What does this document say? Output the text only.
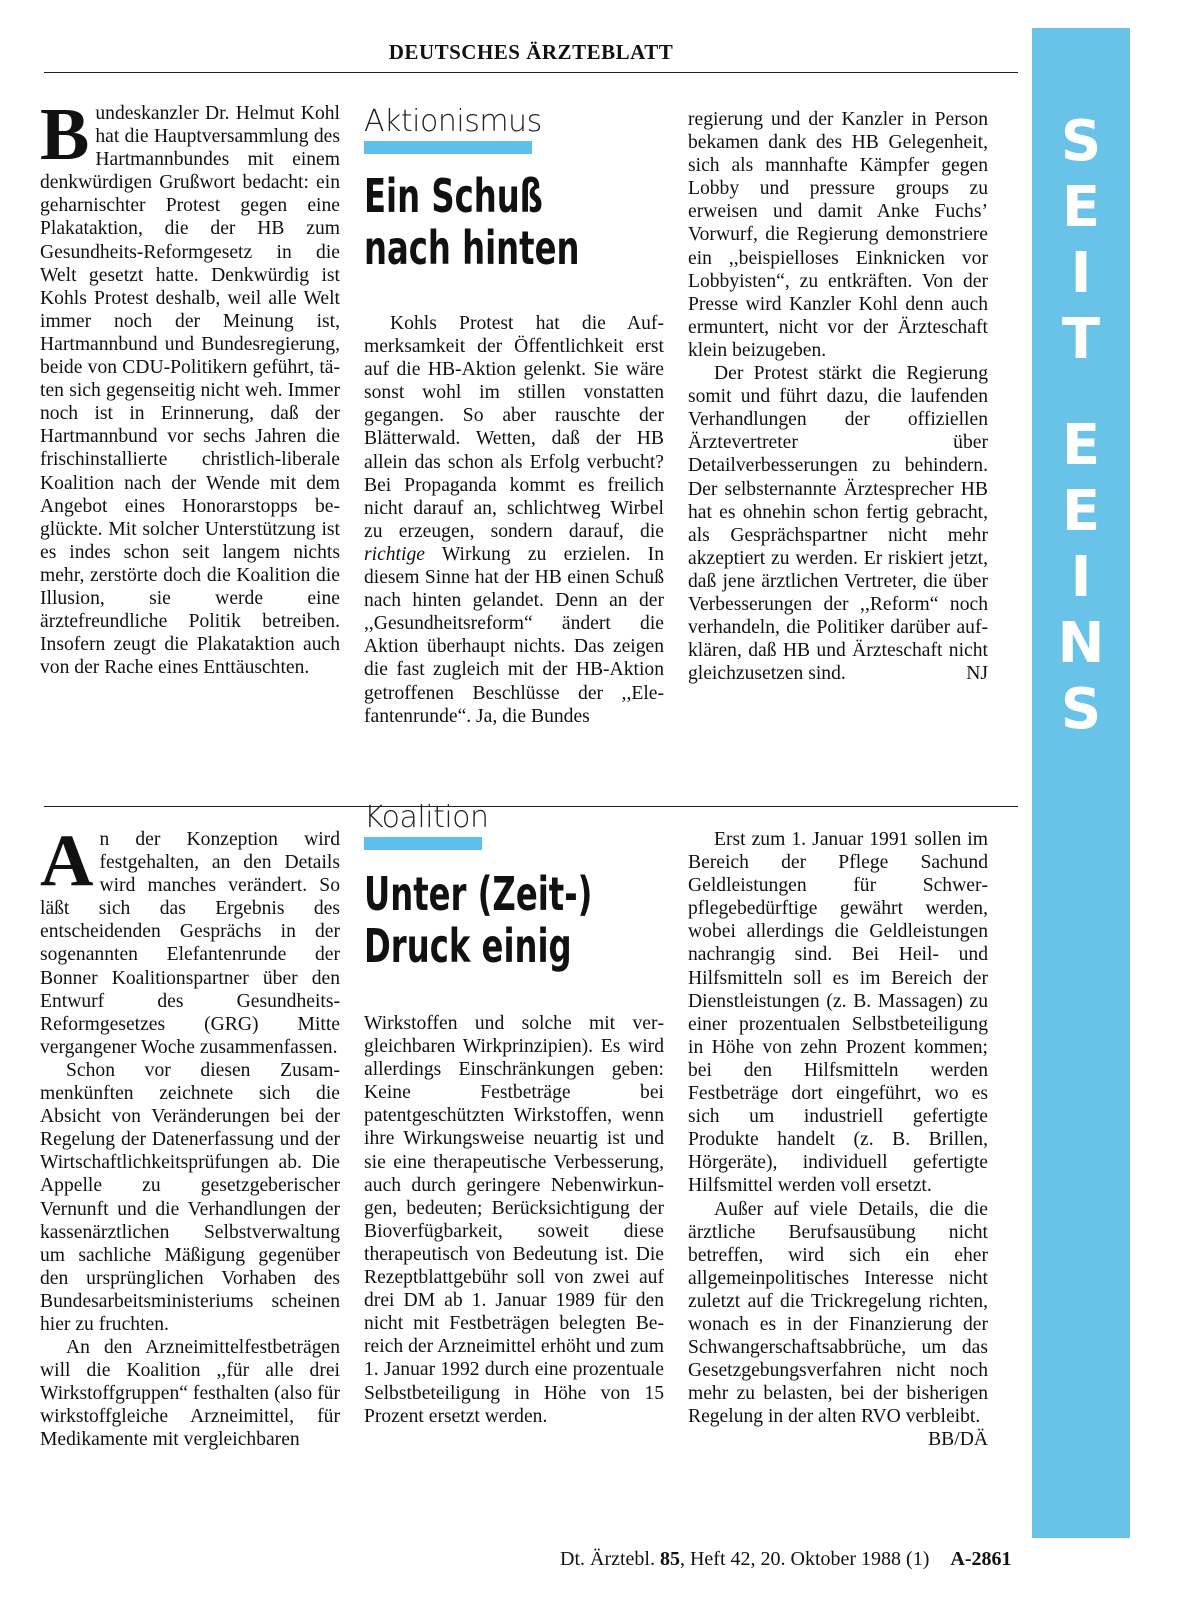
DEUTSCHES ÄRZTEBLATT
S
E
I
T
E
E
I
N
S

Bundeskanzler Dr. Helmut Kohl hat die Hauptversammlung des Hartmannbundes mit einem denkwürdigen Grußwort bedacht: ein geharnischter Protest gegen eine Plakataktion, die der HB zum Gesundheits-Reformgesetz in die Welt gesetzt hatte. Denkwürdig ist Kohls Protest deshalb, weil alle Welt immer noch der Meinung ist, Hartmannbund und Bundesregierung, beide von CDU-Politikern geführt, täten sich gegenseitig nicht weh. Immer noch ist in Erinnerung, daß der Hartmannbund vor sechs Jahren die frischinstallierte christlich-liberale Koalition nach der Wende mit dem Angebot eines Honorarstopps beglückte. Mit solcher Unterstützung ist es indes schon seit langem nichts mehr, zerstörte doch die Koalition die Illusion, sie werde eine ärztefreundliche Politik betreiben. Insofern zeugt die Plakataktion auch von der Rache eines Enttäuschten.

Aktionismus
Ein Schuß
nach hinten

Kohls Protest hat die Aufmerksamkeit der Öffentlichkeit erst auf die HB-Aktion gelenkt. Sie wäre sonst wohl im stillen vonstatten gegangen. So aber rauschte der Blätterwald. Wetten, daß der HB allein das schon als Erfolg verbucht? Bei Propaganda kommt es freilich nicht darauf an, schlichtweg Wirbel zu erzeugen, sondern darauf, die richtige Wirkung zu erzielen. In diesem Sinne hat der HB einen Schuß nach hinten gelandet. Denn an der ,,Gesundheitsreform“ ändert die Aktion überhaupt nichts. Das zeigen die fast zugleich mit der HB-Aktion getroffenen Beschlüsse der ,,Elefantenrunde“. Ja, die Bundes

regierung und der Kanzler in Person bekamen dank des HB Gelegenheit, sich als mannhafte Kämpfer gegen Lobby und pressure groups zu erweisen und damit Anke Fuchs’ Vorwurf, die Regierung demonstriere ein ,,beispielloses Einknicken vor Lobbyisten“, zu entkräften. Von der Presse wird Kanzler Kohl denn auch ermuntert, nicht vor der Ärzteschaft klein beizugeben.

Der Protest stärkt die Regierung somit und führt dazu, die laufenden Verhandlungen der offiziellen Ärztevertreter über Detailverbesserungen zu behindern. Der selbsternannte Ärztesprecher HB hat es ohnehin schon fertig gebracht, als Gesprächspartner nicht mehr akzeptiert zu werden. Er riskiert jetzt, daß jene ärztlichen Vertreter, die über Verbesserungen der ,,Reform“ noch verhandeln, die Politiker darüber aufklären, daß HB und Ärzteschaft nicht gleichzusetzen sind.	NJ

An der Konzeption wird festgehalten, an den Details wird manches verändert. So läßt sich das Ergebnis des entscheidenden Gesprächs in der sogenannten Elefantenrunde der Bonner Koalitionspartner über den Entwurf des Gesundheits-Reformgesetzes (GRG) Mitte vergangener Woche zusammenfassen.

Schon vor diesen Zusammenkünften zeichnete sich die Absicht von Veränderungen bei der Regelung der Datenerfassung und der Wirtschaftlichkeitsprüfungen ab. Die Appelle zu gesetzgeberischer Vernunft und die Verhandlungen der kassenärztlichen Selbstverwaltung um sachliche Mäßigung gegenüber den ursprünglichen Vorhaben des Bundesarbeitsministeriums scheinen hier zu fruchten.

An den Arzneimittelfestbeträgen will die Koalition ,,für alle drei Wirkstoffgruppen“ festhalten (also für wirkstoffgleiche Arzneimittel, für Medikamente mit vergleichbaren

Koalition
Unter (Zeit-)
Druck einig

Wirkstoffen und solche mit vergleichbaren Wirkprinzipien). Es wird allerdings Einschränkungen geben: Keine Festbeträge bei patentgeschützten Wirkstoffen, wenn ihre Wirkungsweise neuartig ist und sie eine therapeutische Verbesserung, auch durch geringere Nebenwirkungen, bedeuten; Berücksichtigung der Bioverfügbarkeit, soweit diese therapeutisch von Bedeutung ist. Die Rezeptblattgebühr soll von zwei auf drei DM ab 1. Januar 1989 für den nicht mit Festbeträgen belegten Bereich der Arzneimittel erhöht und zum 1. Januar 1992 durch eine prozentuale Selbstbeteiligung in Höhe von 15 Prozent ersetzt werden.

Erst zum 1. Januar 1991 sollen im Bereich der Pflege Sachund Geldleistungen für Schwerpflegebedürftige gewährt werden, wobei allerdings die Geldleistungen nachrangig sind. Bei Heil- und Hilfsmitteln soll es im Bereich der Dienstleistungen (z. B. Massagen) zu einer prozentualen Selbstbeteiligung in Höhe von zehn Prozent kommen; bei den Hilfsmitteln werden Festbeträge dort eingeführt, wo es sich um industriell gefertigte Produkte handelt (z. B. Brillen, Hörgeräte), individuell gefertigte Hilfsmittel werden voll ersetzt.

Außer auf viele Details, die die ärztliche Berufsausübung nicht betreffen, wird sich ein eher allgemeinpolitisches Interesse nicht zuletzt auf die Trickregelung richten, wonach es in der Finanzierung der Schwangerschaftsabbrüche, um das Gesetzgebungsverfahren nicht noch mehr zu belasten, bei der bisherigen Regelung in der alten RVO verbleibt.
BB/DÄ

Dt. Ärztebl. 85, Heft 42, 20. Oktober 1988 (1) A-2861
